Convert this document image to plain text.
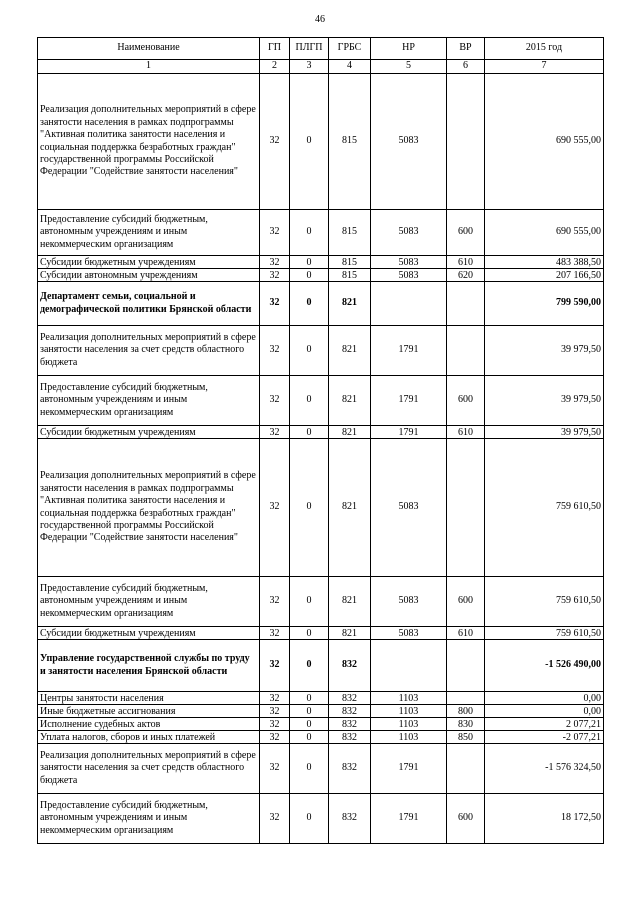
46
Наименование	ГП	ПЛГП	ГРБС	НР	ВР	2015 год
1	2	3	4	5	6	7
Реализация дополнительных мероприятий в сфере занятости населения в рамках подпрограммы "Активная политика занятости населения и социальная поддержка безработных граждан" государственной программы Российской Федерации "Содействие занятости населения"	32	0	815	5083		690 555,00
Предоставление субсидий бюджетным, автономным учреждениям и иным некоммерческим организациям	32	0	815	5083	600	690 555,00
Субсидии бюджетным учреждениям	32	0	815	5083	610	483 388,50
Субсидии автономным учреждениям	32	0	815	5083	620	207 166,50
Департамент семьи, социальной и демографической политики Брянской области	32	0	821			799 590,00
Реализация дополнительных мероприятий в сфере занятости населения за счет средств областного бюджета	32	0	821	1791		39 979,50
Предоставление субсидий бюджетным, автономным учреждениям и иным некоммерческим организациям	32	0	821	1791	600	39 979,50
Субсидии бюджетным учреждениям	32	0	821	1791	610	39 979,50
Реализация дополнительных мероприятий в сфере занятости населения в рамках подпрограммы "Активная политика занятости населения и социальная поддержка безработных граждан" государственной программы Российской Федерации "Содействие занятости населения"	32	0	821	5083		759 610,50
Предоставление субсидий бюджетным, автономным учреждениям и иным некоммерческим организациям	32	0	821	5083	600	759 610,50
Субсидии бюджетным учреждениям	32	0	821	5083	610	759 610,50
Управление государственной службы по труду и занятости населения Брянской области	32	0	832			-1 526 490,00
Центры занятости населения	32	0	832	1103		0,00
Иные бюджетные ассигнования	32	0	832	1103	800	0,00
Исполнение судебных актов	32	0	832	1103	830	2 077,21
Уплата налогов, сборов и иных платежей	32	0	832	1103	850	-2 077,21
Реализация дополнительных мероприятий в сфере занятости населения за счет средств областного бюджета	32	0	832	1791		-1 576 324,50
Предоставление субсидий бюджетным, автономным учреждениям и иным некоммерческим организациям	32	0	832	1791	600	18 172,50
